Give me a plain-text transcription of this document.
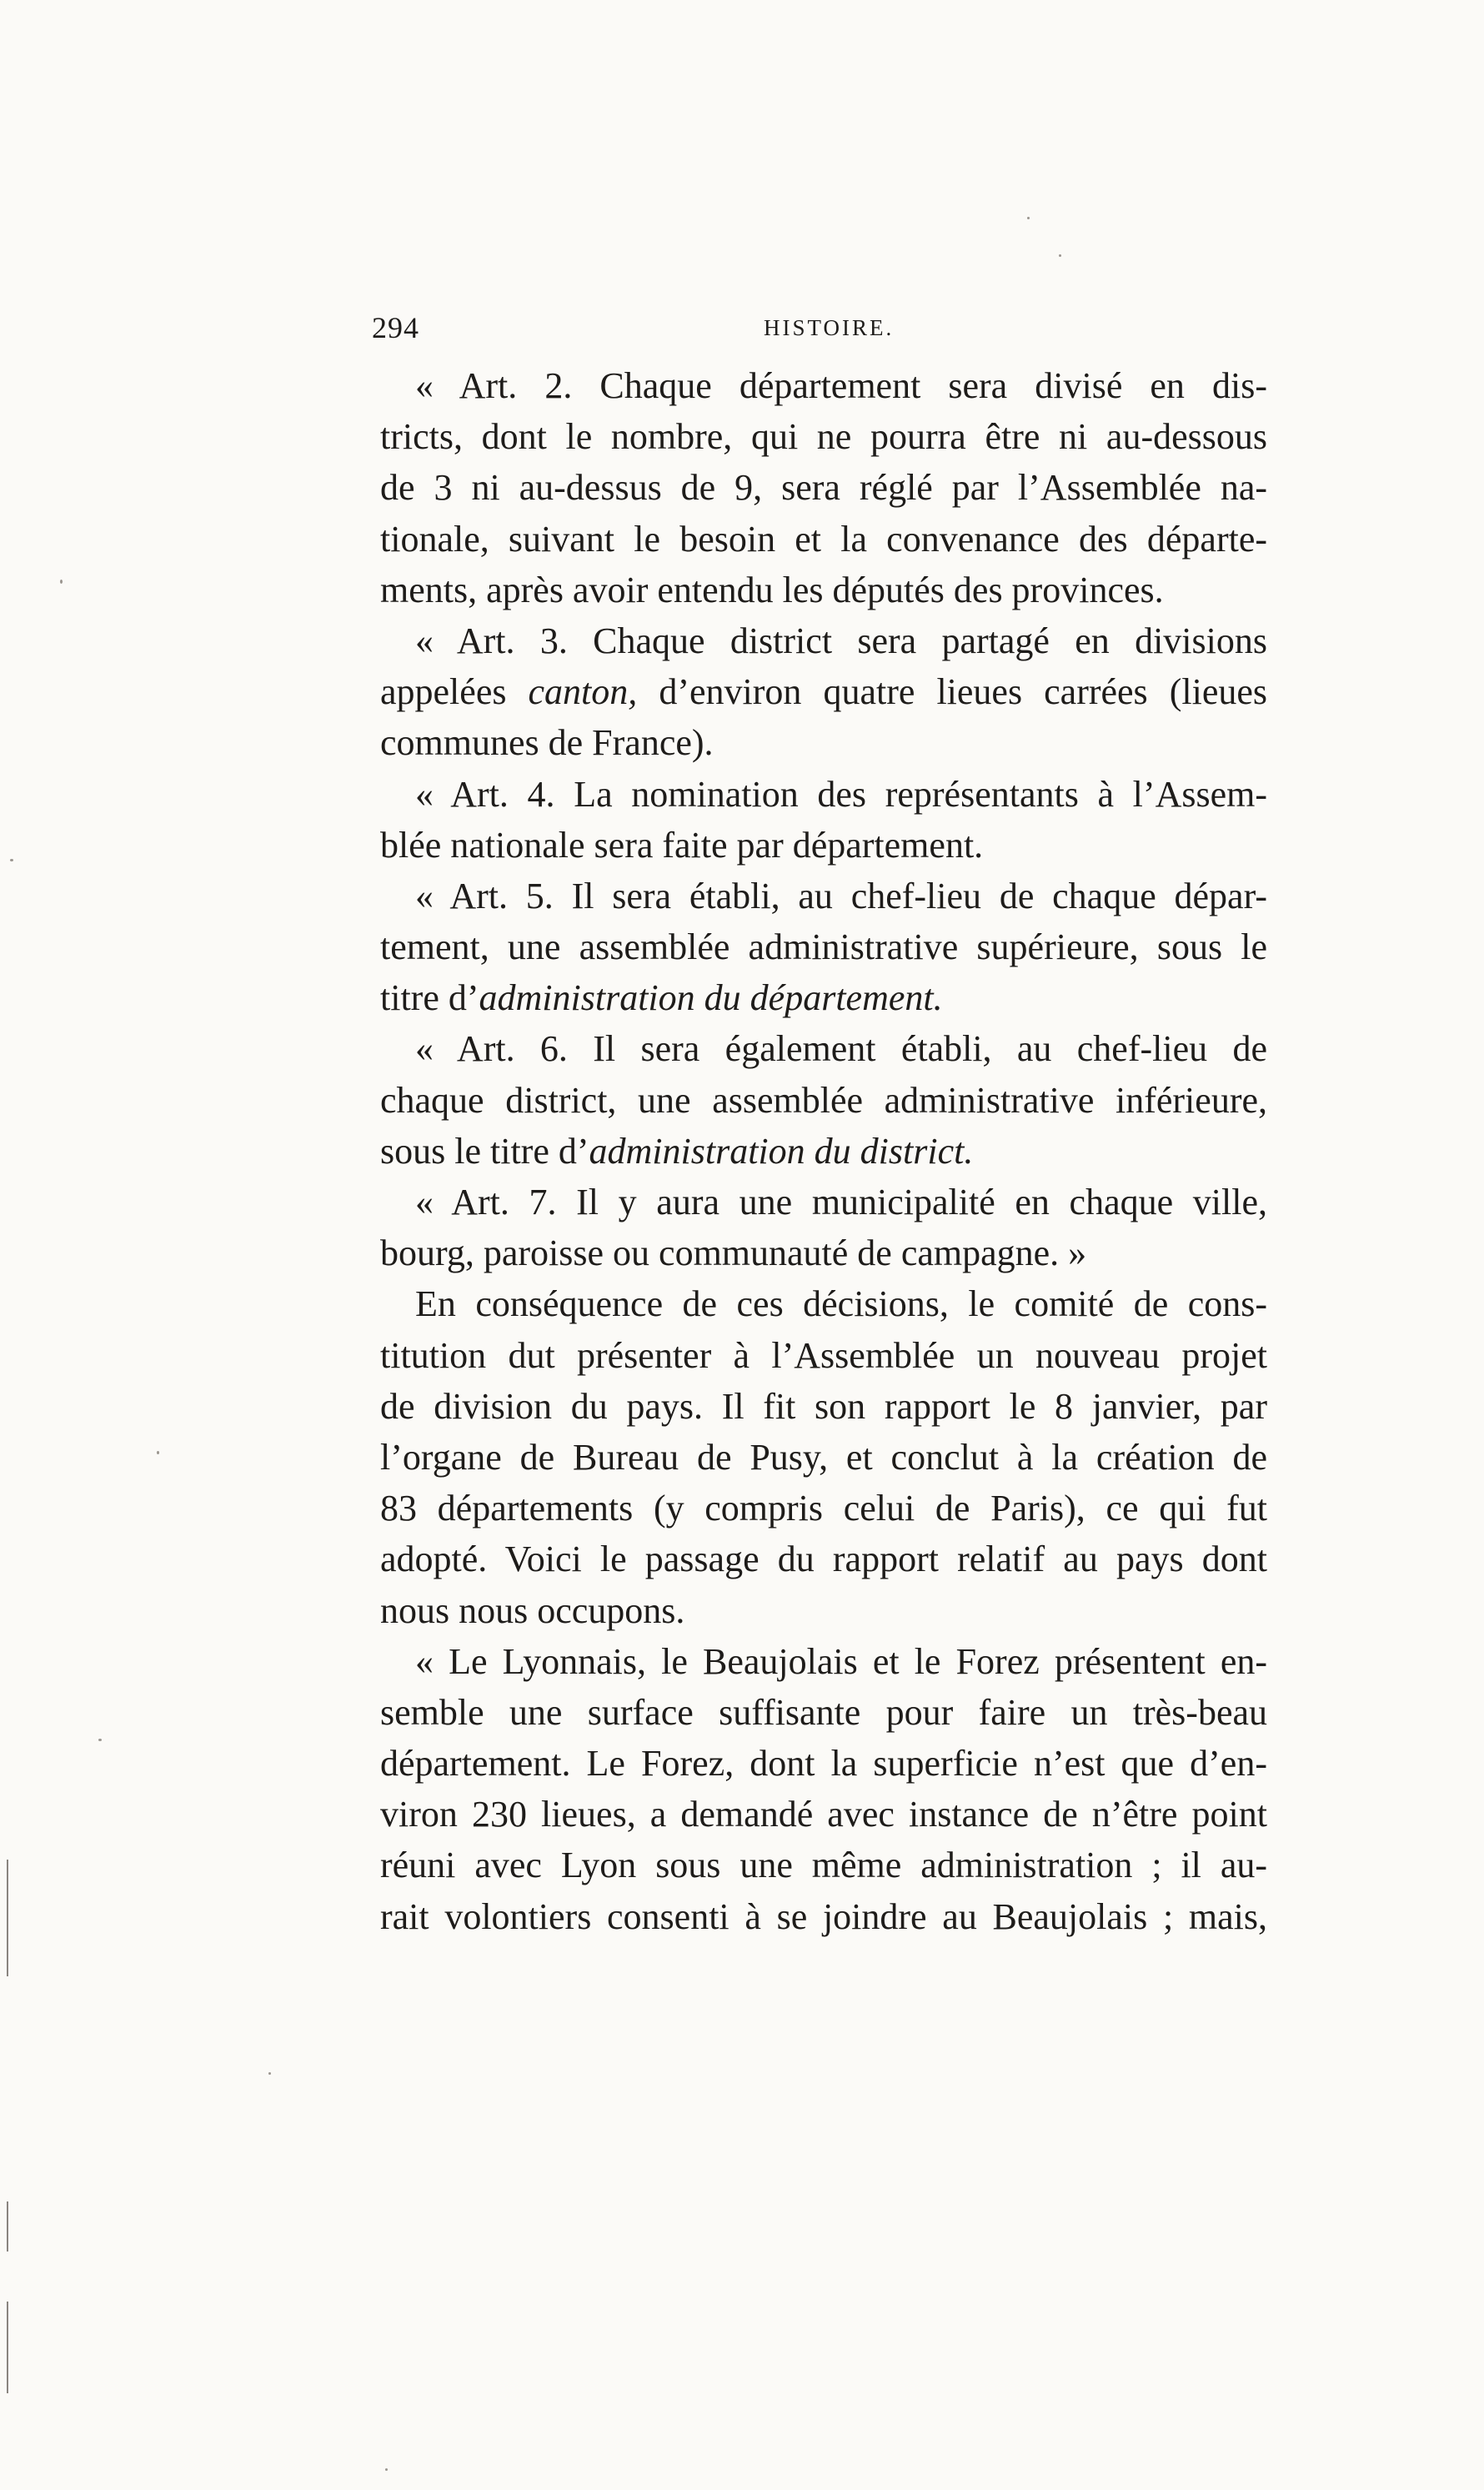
294	HISTOIRE.
« Art. 2. Chaque département sera divisé en dis-
tricts, dont le nombre, qui ne pourra être ni au-dessous
de 3 ni au-dessus de 9, sera réglé par l’Assemblée na-
tionale, suivant le besoin et la convenance des départe-
ments, après avoir entendu les députés des provinces.
« Art. 3. Chaque district sera partagé en divisions
appelées canton, d’environ quatre lieues carrées (lieues
communes de France).
« Art. 4. La nomination des représentants à l’Assem-
blée nationale sera faite par département.
« Art. 5. Il sera établi, au chef-lieu de chaque dépar-
tement, une assemblée administrative supérieure, sous le
titre d’administration du département.
« Art. 6. Il sera également établi, au chef-lieu de
chaque district, une assemblée administrative inférieure,
sous le titre d’administration du district.
« Art. 7. Il y aura une municipalité en chaque ville,
bourg, paroisse ou communauté de campagne. »
En conséquence de ces décisions, le comité de cons-
titution dut présenter à l’Assemblée un nouveau projet
de division du pays. Il fit son rapport le 8 janvier, par
l’organe de Bureau de Pusy, et conclut à la création de
83 départements (y compris celui de Paris), ce qui fut
adopté. Voici le passage du rapport relatif au pays dont
nous nous occupons.
« Le Lyonnais, le Beaujolais et le Forez présentent en-
semble une surface suffisante pour faire un très-beau
département. Le Forez, dont la superficie n’est que d’en-
viron 230 lieues, a demandé avec instance de n’être point
réuni avec Lyon sous une même administration ; il au-
rait volontiers consenti à se joindre au Beaujolais ; mais,
